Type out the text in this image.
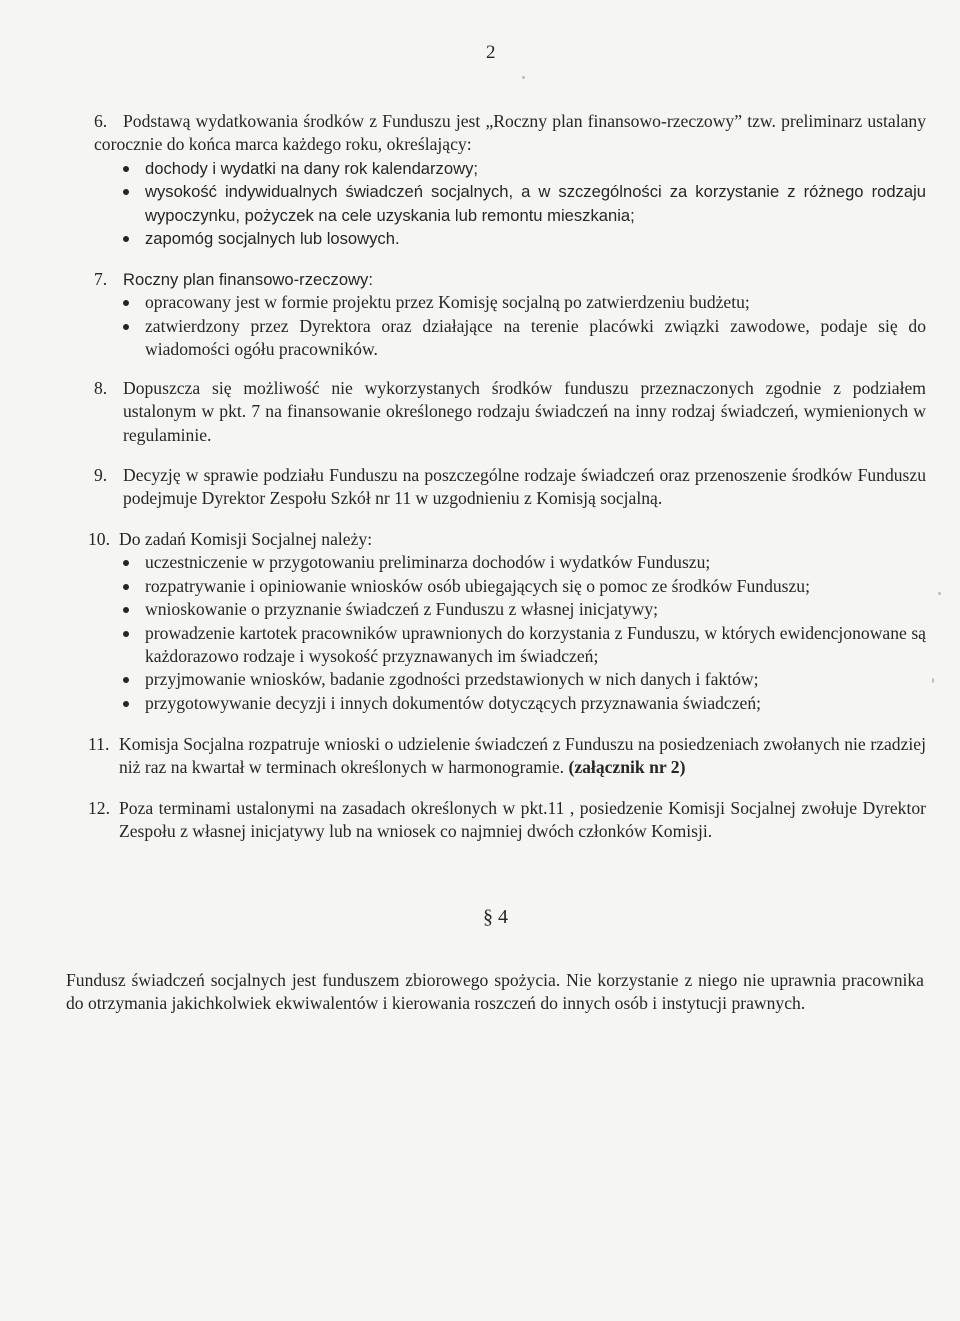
2
6. Podstawą wydatkowania środków z Funduszu jest „Roczny plan finansowo-rzeczowy” tzw. preliminarz ustalany corocznie do końca marca każdego roku, określający:
dochody i wydatki na dany rok kalendarzowy;
wysokość indywidualnych świadczeń socjalnych, a w szczególności za korzystanie z różnego rodzaju wypoczynku, pożyczek na cele uzyskania lub remontu mieszkania;
zapomóg socjalnych lub losowych.
7. Roczny plan finansowo-rzeczowy:
opracowany jest w formie projektu przez Komisję socjalną po zatwierdzeniu budżetu;
zatwierdzony przez Dyrektora oraz działające na terenie placówki związki zawodowe, podaje się do wiadomości ogółu pracowników.
8. Dopuszcza się możliwość nie wykorzystanych środków funduszu przeznaczonych zgodnie z podziałem ustalonym w pkt. 7 na finansowanie określonego rodzaju świadczeń na inny rodzaj świadczeń, wymienionych w regulaminie.
9. Decyzję w sprawie podziału Funduszu na poszczególne rodzaje świadczeń oraz przenoszenie środków Funduszu podejmuje Dyrektor Zespołu Szkół nr 11 w uzgodnieniu z Komisją socjalną.
10. Do zadań Komisji Socjalnej należy:
uczestniczenie w przygotowaniu preliminarza dochodów i wydatków Funduszu;
rozpatrywanie i opiniowanie wniosków osób ubiegających się o pomoc ze środków Funduszu;
wnioskowanie o przyznanie świadczeń z Funduszu z własnej inicjatywy;
prowadzenie kartotek pracowników uprawnionych do korzystania z Funduszu, w których ewidencjonowane są każdorazowo rodzaje i wysokość przyznawanych im świadczeń;
przyjmowanie wniosków, badanie zgodności przedstawionych w nich danych i faktów;
przygotowywanie decyzji i innych dokumentów dotyczących przyznawania świadczeń;
11. Komisja Socjalna rozpatruje wnioski o udzielenie świadczeń z Funduszu na posiedzeniach zwołanych nie rzadziej niż raz na kwartał w terminach określonych w harmonogramie. (załącznik nr 2)
12. Poza terminami ustalonymi na zasadach określonych w pkt.11 , posiedzenie Komisji Socjalnej zwołuje Dyrektor Zespołu z własnej inicjatywy lub na wniosek co najmniej dwóch członków Komisji.
§ 4
Fundusz świadczeń socjalnych jest funduszem zbiorowego spożycia. Nie korzystanie z niego nie uprawnia pracownika do otrzymania jakichkolwiek ekwiwalentów i kierowania roszczeń do innych osób i instytucji prawnych.
